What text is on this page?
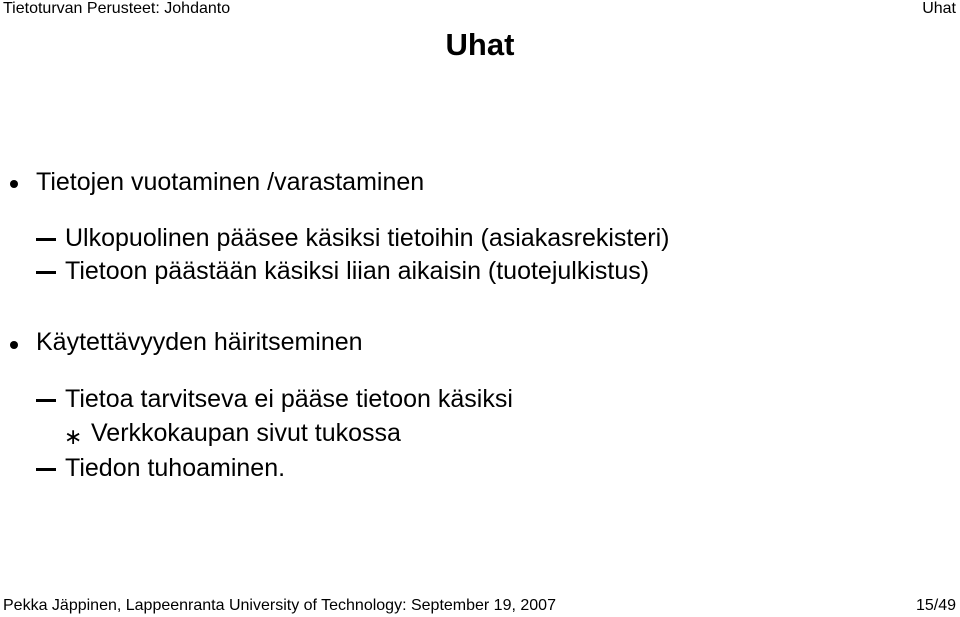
Tietoturvan Perusteet: Johdanto	Uhat
Uhat
Tietojen vuotaminen /varastaminen
Ulkopuolinen pääsee käsiksi tietoihin (asiakasrekisteri)
Tietoon päästään käsiksi liian aikaisin (tuotejulkistus)
Käytettävyyden häiritseminen
Tietoa tarvitseva ei pääse tietoon käsiksi
∗ Verkkokaupan sivut tukossa
Tiedon tuhoaminen.
Pekka Jäppinen, Lappeenranta University of Technology: September 19, 2007	15/49
